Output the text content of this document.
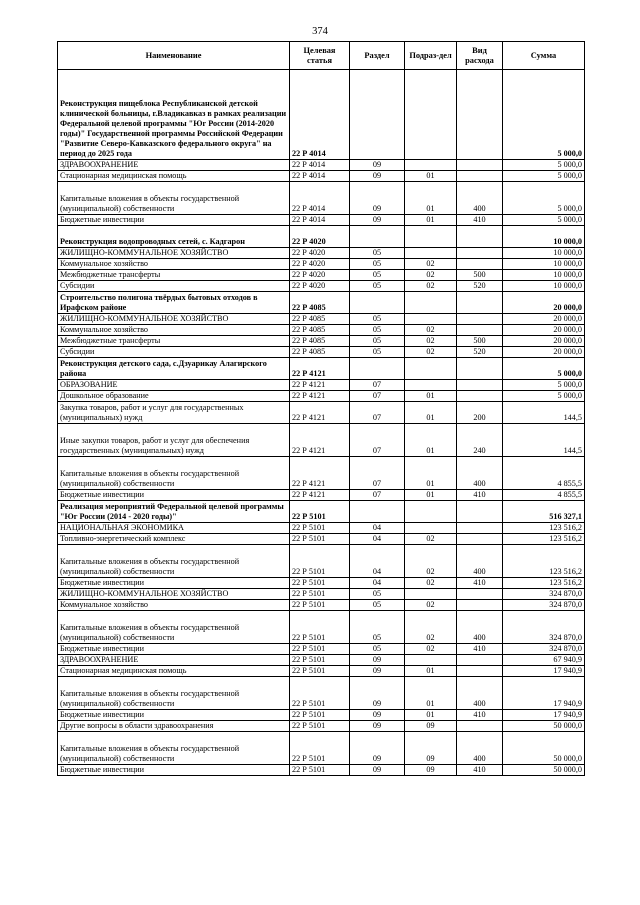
374
Наименование	Целевая статья	Раздел	Подраз-дел	Вид расхода	Сумма
Реконструкция пищеблока Республиканской детской клинической больницы, г.Владикавказ в рамках реализации Федеральной целевой программы "Юг России (2014-2020 годы)" Государственной программы Российской Федерации "Развитие Северо-Кавказского федерального округа" на период до 2025 года	22 Р 4014				5 000,0
ЗДРАВООХРАНЕНИЕ	22 Р 4014	09			5 000,0
Стационарная медицинская помощь	22 Р 4014	09	01		5 000,0
Капитальные вложения в объекты государственной (муниципальной) собственности	22 Р 4014	09	01	400	5 000,0
Бюджетные инвестиции	22 Р 4014	09	01	410	5 000,0
Реконструкция водопроводных сетей, с. Кадгарон	22 Р 4020				10 000,0
ЖИЛИЩНО-КОММУНАЛЬНОЕ ХОЗЯЙСТВО	22 Р 4020	05			10 000,0
Коммунальное хозяйство	22 Р 4020	05	02		10 000,0
Межбюджетные трансферты	22 Р 4020	05	02	500	10 000,0
Субсидии	22 Р 4020	05	02	520	10 000,0
Строительство полигона твёрдых бытовых отходов в Ирафском районе	22 Р 4085				20 000,0
ЖИЛИЩНО-КОММУНАЛЬНОЕ ХОЗЯЙСТВО	22 Р 4085	05			20 000,0
Коммунальное хозяйство	22 Р 4085	05	02		20 000,0
Межбюджетные трансферты	22 Р 4085	05	02	500	20 000,0
Субсидии	22 Р 4085	05	02	520	20 000,0
Реконструкция детского сада, с.Дзуарикау Алагирского района	22 Р 4121				5 000,0
ОБРАЗОВАНИЕ	22 Р 4121	07			5 000,0
Дошкольное образование	22 Р 4121	07	01		5 000,0
Закупка товаров, работ и услуг для государственных (муниципальных) нужд	22 Р 4121	07	01	200	144,5
Иные закупки товаров, работ и услуг для обеспечения государственных (муниципальных) нужд	22 Р 4121	07	01	240	144,5
Капитальные вложения в объекты государственной (муниципальной) собственности	22 Р 4121	07	01	400	4 855,5
Бюджетные инвестиции	22 Р 4121	07	01	410	4 855,5
Реализация мероприятий Федеральной целевой программы "Юг России (2014 - 2020 годы)"	22 Р 5101				516 327,1
НАЦИОНАЛЬНАЯ ЭКОНОМИКА	22 Р 5101	04			123 516,2
Топливно-энергетический комплекс	22 Р 5101	04	02		123 516,2
Капитальные вложения в объекты государственной (муниципальной) собственности	22 Р 5101	04	02	400	123 516,2
Бюджетные инвестиции	22 Р 5101	04	02	410	123 516,2
ЖИЛИЩНО-КОММУНАЛЬНОЕ ХОЗЯЙСТВО	22 Р 5101	05			324 870,0
Коммунальное хозяйство	22 Р 5101	05	02		324 870,0
Капитальные вложения в объекты государственной (муниципальной) собственности	22 Р 5101	05	02	400	324 870,0
Бюджетные инвестиции	22 Р 5101	05	02	410	324 870,0
ЗДРАВООХРАНЕНИЕ	22 Р 5101	09			67 940,9
Стационарная медицинская помощь	22 Р 5101	09	01		17 940,9
Капитальные вложения в объекты государственной (муниципальной) собственности	22 Р 5101	09	01	400	17 940,9
Бюджетные инвестиции	22 Р 5101	09	01	410	17 940,9
Другие вопросы в области здравоохранения	22 Р 5101	09	09		50 000,0
Капитальные вложения в объекты государственной (муниципальной) собственности	22 Р 5101	09	09	400	50 000,0
Бюджетные инвестиции	22 Р 5101	09	09	410	50 000,0
